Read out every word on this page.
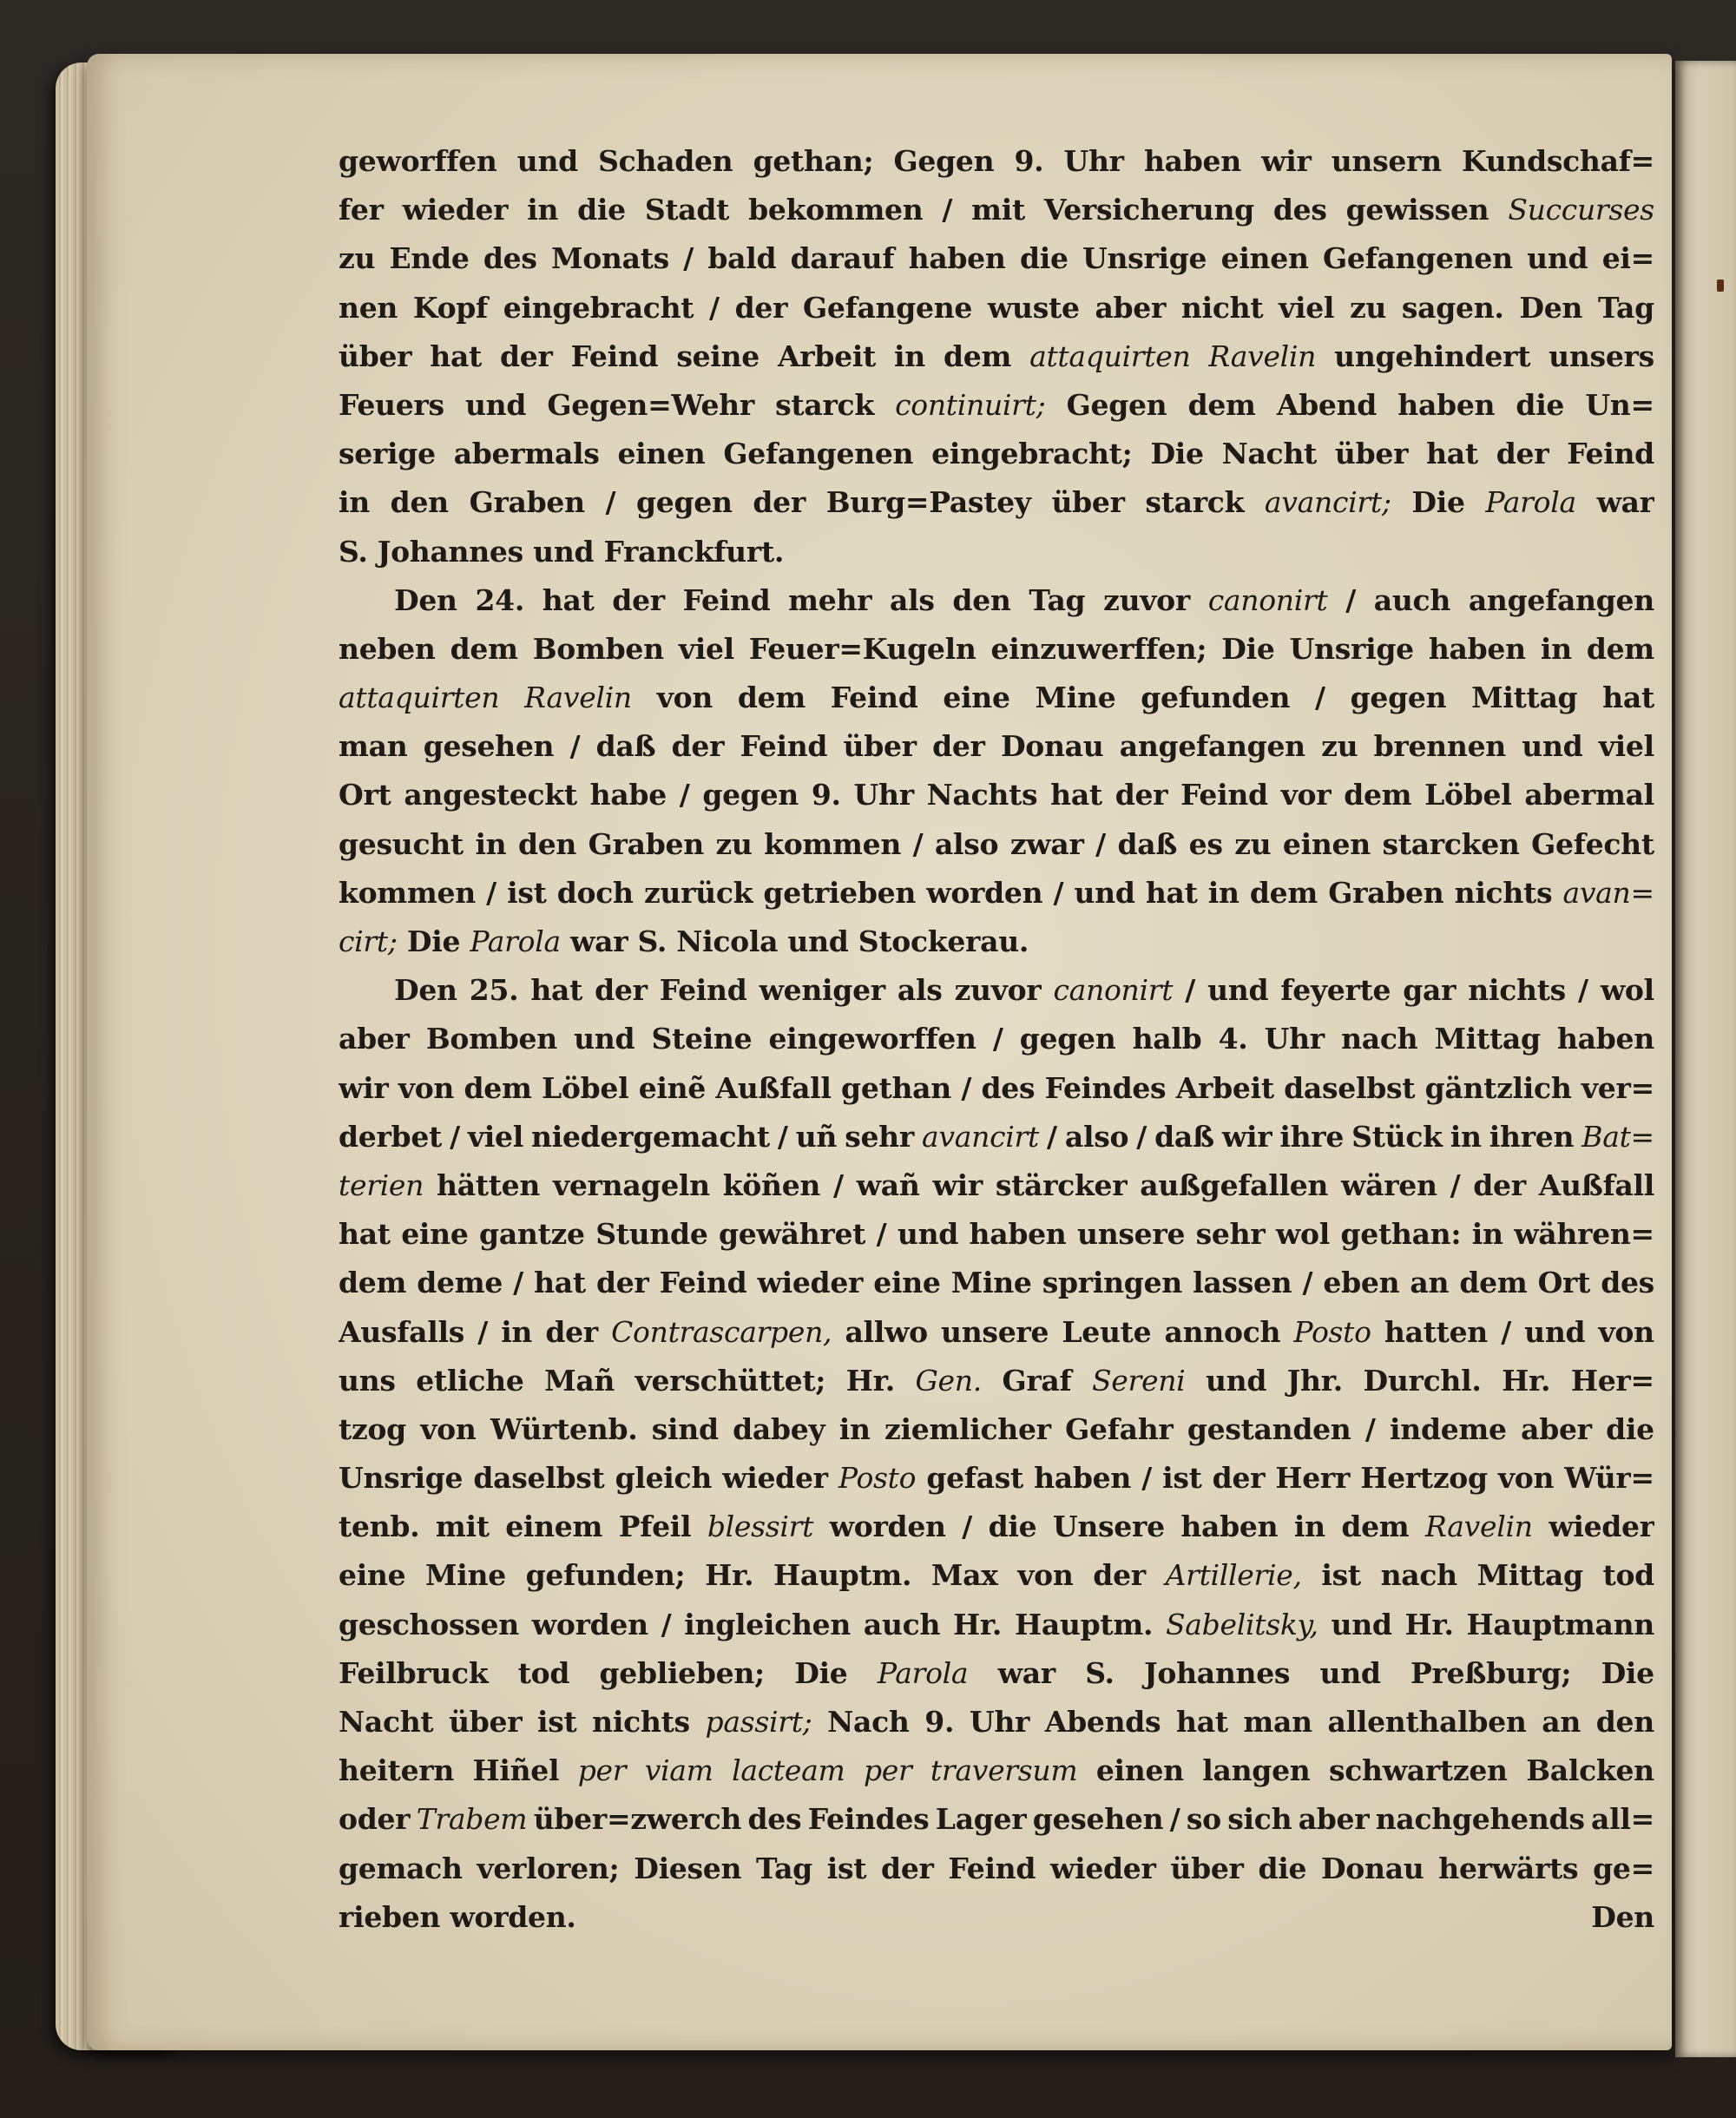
geworffen und Schaden gethan; Gegen 9. Uhr haben wir unsern Kundschaf=
fer wieder in die Stadt bekommen / mit Versicherung des gewissen Succurses
zu Ende des Monats / bald darauf haben die Unsrige einen Gefangenen und ei=
nen Kopf eingebracht / der Gefangene wuste aber nicht viel zu sagen. Den Tag
über hat der Feind seine Arbeit in dem attaquirten Ravelin ungehindert unsers
Feuers und Gegen=Wehr starck continuirt; Gegen dem Abend haben die Un=
serige abermals einen Gefangenen eingebracht; Die Nacht über hat der Feind
in den Graben / gegen der Burg=Pastey über starck avancirt; Die Parola war
S.
Johannes
und
Franckfurt.
Den 24. hat der Feind mehr als den Tag zuvor canonirt / auch angefangen
neben dem Bomben viel Feuer=Kugeln einzuwerffen; Die Unsrige haben in dem
attaquirten Ravelin von dem Feind eine Mine gefunden / gegen Mittag hat
man gesehen / daß der Feind über der Donau angefangen zu brennen und viel
Ort angesteckt habe / gegen 9. Uhr Nachts hat der Feind vor dem Löbel abermal
gesucht in den Graben zu kommen / also zwar / daß es zu einen starcken Gefecht
kommen / ist doch zurück getrieben worden / und hat in dem Graben nichts avan=
cirt;
Die
Parola
war
S.
Nicola
und
Stockerau.
Den 25. hat der Feind weniger als zuvor canonirt / und feyerte gar nichts / wol
aber Bomben und Steine eingeworffen / gegen halb 4. Uhr nach Mittag haben
wir von dem Löbel einẽ Außfall gethan / des Feindes Arbeit daselbst gäntzlich ver=
derbet / viel niedergemacht / uñ sehr avancirt / also / daß wir ihre Stück in ihren Bat=
terien hätten vernageln köñen / wañ wir stärcker außgefallen wären / der Außfall
hat eine gantze Stunde gewähret / und haben unsere sehr wol gethan: in währen=
dem deme / hat der Feind wieder eine Mine springen lassen / eben an dem Ort des
Ausfalls / in der Contrascarpen, allwo unsere Leute annoch Posto hatten / und von
uns etliche Mañ verschüttet; Hr. Gen. Graf Sereni und Jhr. Durchl. Hr. Her=
tzog von Würtenb. sind dabey in ziemlicher Gefahr gestanden / indeme aber die
Unsrige daselbst gleich wieder Posto gefast haben / ist der Herr Hertzog von Wür=
tenb. mit einem Pfeil blessirt worden / die Unsere haben in dem Ravelin wieder
eine Mine gefunden; Hr. Hauptm. Max von der Artillerie, ist nach Mittag tod
geschossen worden / ingleichen auch Hr. Hauptm. Sabelitsky, und Hr. Hauptmann
Feilbruck tod geblieben; Die Parola war S. Johannes und Preßburg; Die
Nacht über ist nichts passirt; Nach 9. Uhr Abends hat man allenthalben an den
heitern Hiñel per viam lacteam per traversum einen langen schwartzen Balcken
oder Trabem über=zwerch des Feindes Lager gesehen / so sich aber nachgehends all=
gemach verloren; Diesen Tag ist der Feind wieder über die Donau herwärts ge=
rieben worden.	Den
